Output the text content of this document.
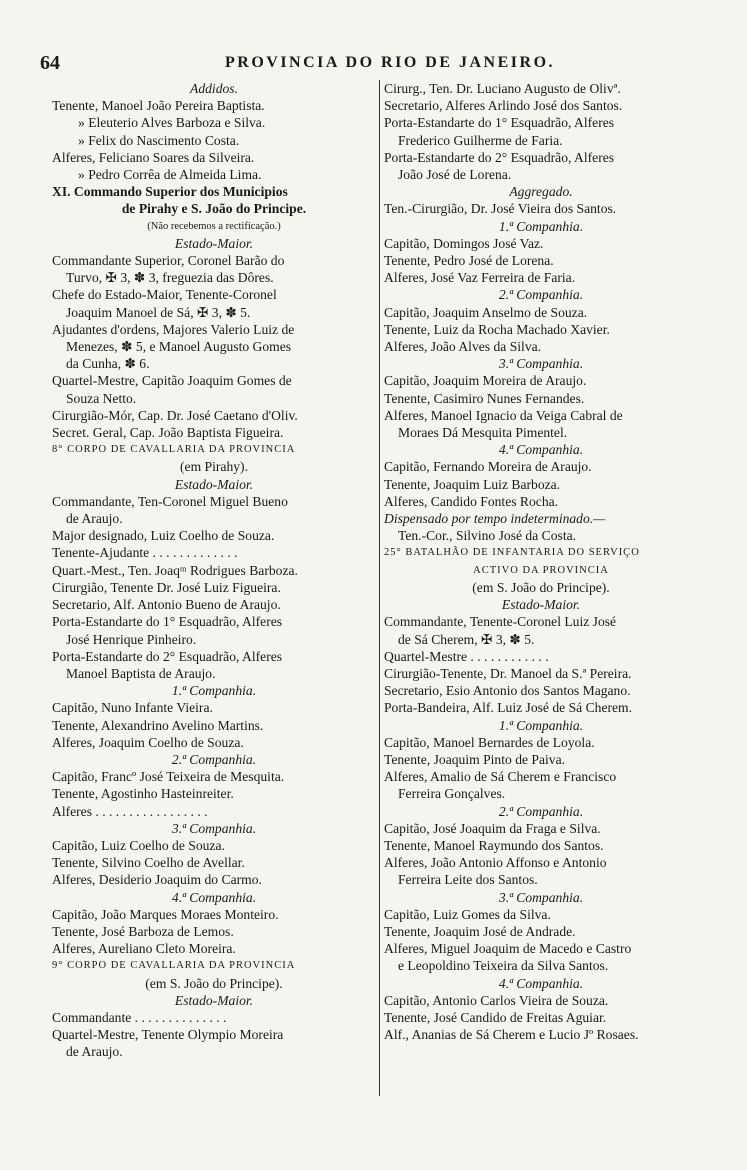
64	PROVINCIA DO RIO DE JANEIRO.
Addidos.
Tenente, Manoel João Pereira Baptista.
» Eleuterio Alves Barboza e Silva.
» Felix do Nascimento Costa.
Alferes, Feliciano Soares da Silveira.
» Pedro Corrêa de Almeida Lima.
XI. Commando Superior dos Municipios
de Pirahy e S. João do Principe.
(Não recebemos a rectificação.)
Estado-Maior.
Commandante Superior, Coronel Barão do
Turvo, ✠ 3, ✽ 3, freguezia das Dôres.
Chefe do Estado-Maior, Tenente-Coronel
Joaquim Manoel de Sá, ✠ 3, ✽ 5.
Ajudantes d'ordens, Majores Valerio Luiz de
Menezes, ✽ 5, e Manoel Augusto Gomes
da Cunha, ✽ 6.
Quartel-Mestre, Capitão Joaquim Gomes de
Souza Netto.
Cirurgião-Mór, Cap. Dr. José Caetano d'Oliv.
Secret. Geral, Cap. João Baptista Figueira.
8° CORPO DE CAVALLARIA DA PROVINCIA
(em Pirahy).
Estado-Maior.
Commandante, Ten-Coronel Miguel Bueno
de Araujo.
Major designado, Luiz Coelho de Souza.
Tenente-Ajudante . . . . . . . . . . . . .
Quart.-Mest., Ten. Joaqᵐ Rodrigues Barboza.
Cirurgião, Tenente Dr. José Luiz Figueira.
Secretario, Alf. Antonio Bueno de Araujo.
Porta-Estandarte do 1° Esquadrão, Alferes
José Henrique Pinheiro.
Porta-Estandarte do 2° Esquadrão, Alferes
Manoel Baptista de Araujo.
1.ª Companhia.
Capitão, Nuno Infante Vieira.
Tenente, Alexandrino Avelino Martins.
Alferes, Joaquim Coelho de Souza.
2.ª Companhia.
Capitão, Francº José Teixeira de Mesquita.
Tenente, Agostinho Hasteinreiter.
Alferes . . . . . . . . . . . . . . . . .
3.ª Companhia.
Capitão, Luiz Coelho de Souza.
Tenente, Silvino Coelho de Avellar.
Alferes, Desiderio Joaquim do Carmo.
4.ª Companhia.
Capitão, João Marques Moraes Monteiro.
Tenente, José Barboza de Lemos.
Alferes, Aureliano Cleto Moreira.
9° CORPO DE CAVALLARIA DA PROVINCIA
(em S. João do Principe).
Estado-Maior.
Commandante . . . . . . . . . . . . . .
Quartel-Mestre, Tenente Olympio Moreira
de Araujo.
Cirurg., Ten. Dr. Luciano Augusto de Olivª.
Secretario, Alferes Arlindo José dos Santos.
Porta-Estandarte do 1° Esquadrão, Alferes
Frederico Guilherme de Faria.
Porta-Estandarte do 2° Esquadrão, Alferes
João José de Lorena.
Aggregado.
Ten.-Cirurgião, Dr. José Vieira dos Santos.
1.ª Companhia.
Capitão, Domingos José Vaz.
Tenente, Pedro José de Lorena.
Alferes, José Vaz Ferreira de Faria.
2.ª Companhia.
Capitão, Joaquim Anselmo de Souza.
Tenente, Luiz da Rocha Machado Xavier.
Alferes, João Alves da Silva.
3.ª Companhia.
Capitão, Joaquim Moreira de Araujo.
Tenente, Casimiro Nunes Fernandes.
Alferes, Manoel Ignacio da Veiga Cabral de
Moraes Dá Mesquita Pimentel.
4.ª Companhia.
Capitão, Fernando Moreira de Araujo.
Tenente, Joaquim Luiz Barboza.
Alferes, Candido Fontes Rocha.
Dispensado por tempo indeterminado.—
Ten.-Cor., Silvino José da Costa.
25° BATALHÃO DE INFANTARIA DO SERVIÇO
ACTIVO DA PROVINCIA
(em S. João do Principe).
Estado-Maior.
Commandante, Tenente-Coronel Luiz José
de Sá Cherem, ✠ 3, ✽ 5.
Quartel-Mestre . . . . . . . . . . . .
Cirurgião-Tenente, Dr. Manoel da S.ª Pereira.
Secretario, Esio Antonio dos Santos Magano.
Porta-Bandeira, Alf. Luiz José de Sá Cherem.
1.ª Companhia.
Capitão, Manoel Bernardes de Loyola.
Tenente, Joaquim Pinto de Paiva.
Alferes, Amalio de Sá Cherem e Francisco
Ferreira Gonçalves.
2.ª Companhia.
Capitão, José Joaquim da Fraga e Silva.
Tenente, Manoel Raymundo dos Santos.
Alferes, João Antonio Affonso e Antonio
Ferreira Leite dos Santos.
3.ª Companhia.
Capitão, Luiz Gomes da Silva.
Tenente, Joaquim José de Andrade.
Alferes, Miguel Joaquim de Macedo e Castro
e Leopoldino Teixeira da Silva Santos.
4.ª Companhia.
Capitão, Antonio Carlos Vieira de Souza.
Tenente, José Candido de Freitas Aguiar.
Alf., Ananias de Sá Cherem e Lucio Jº Rosaes.
